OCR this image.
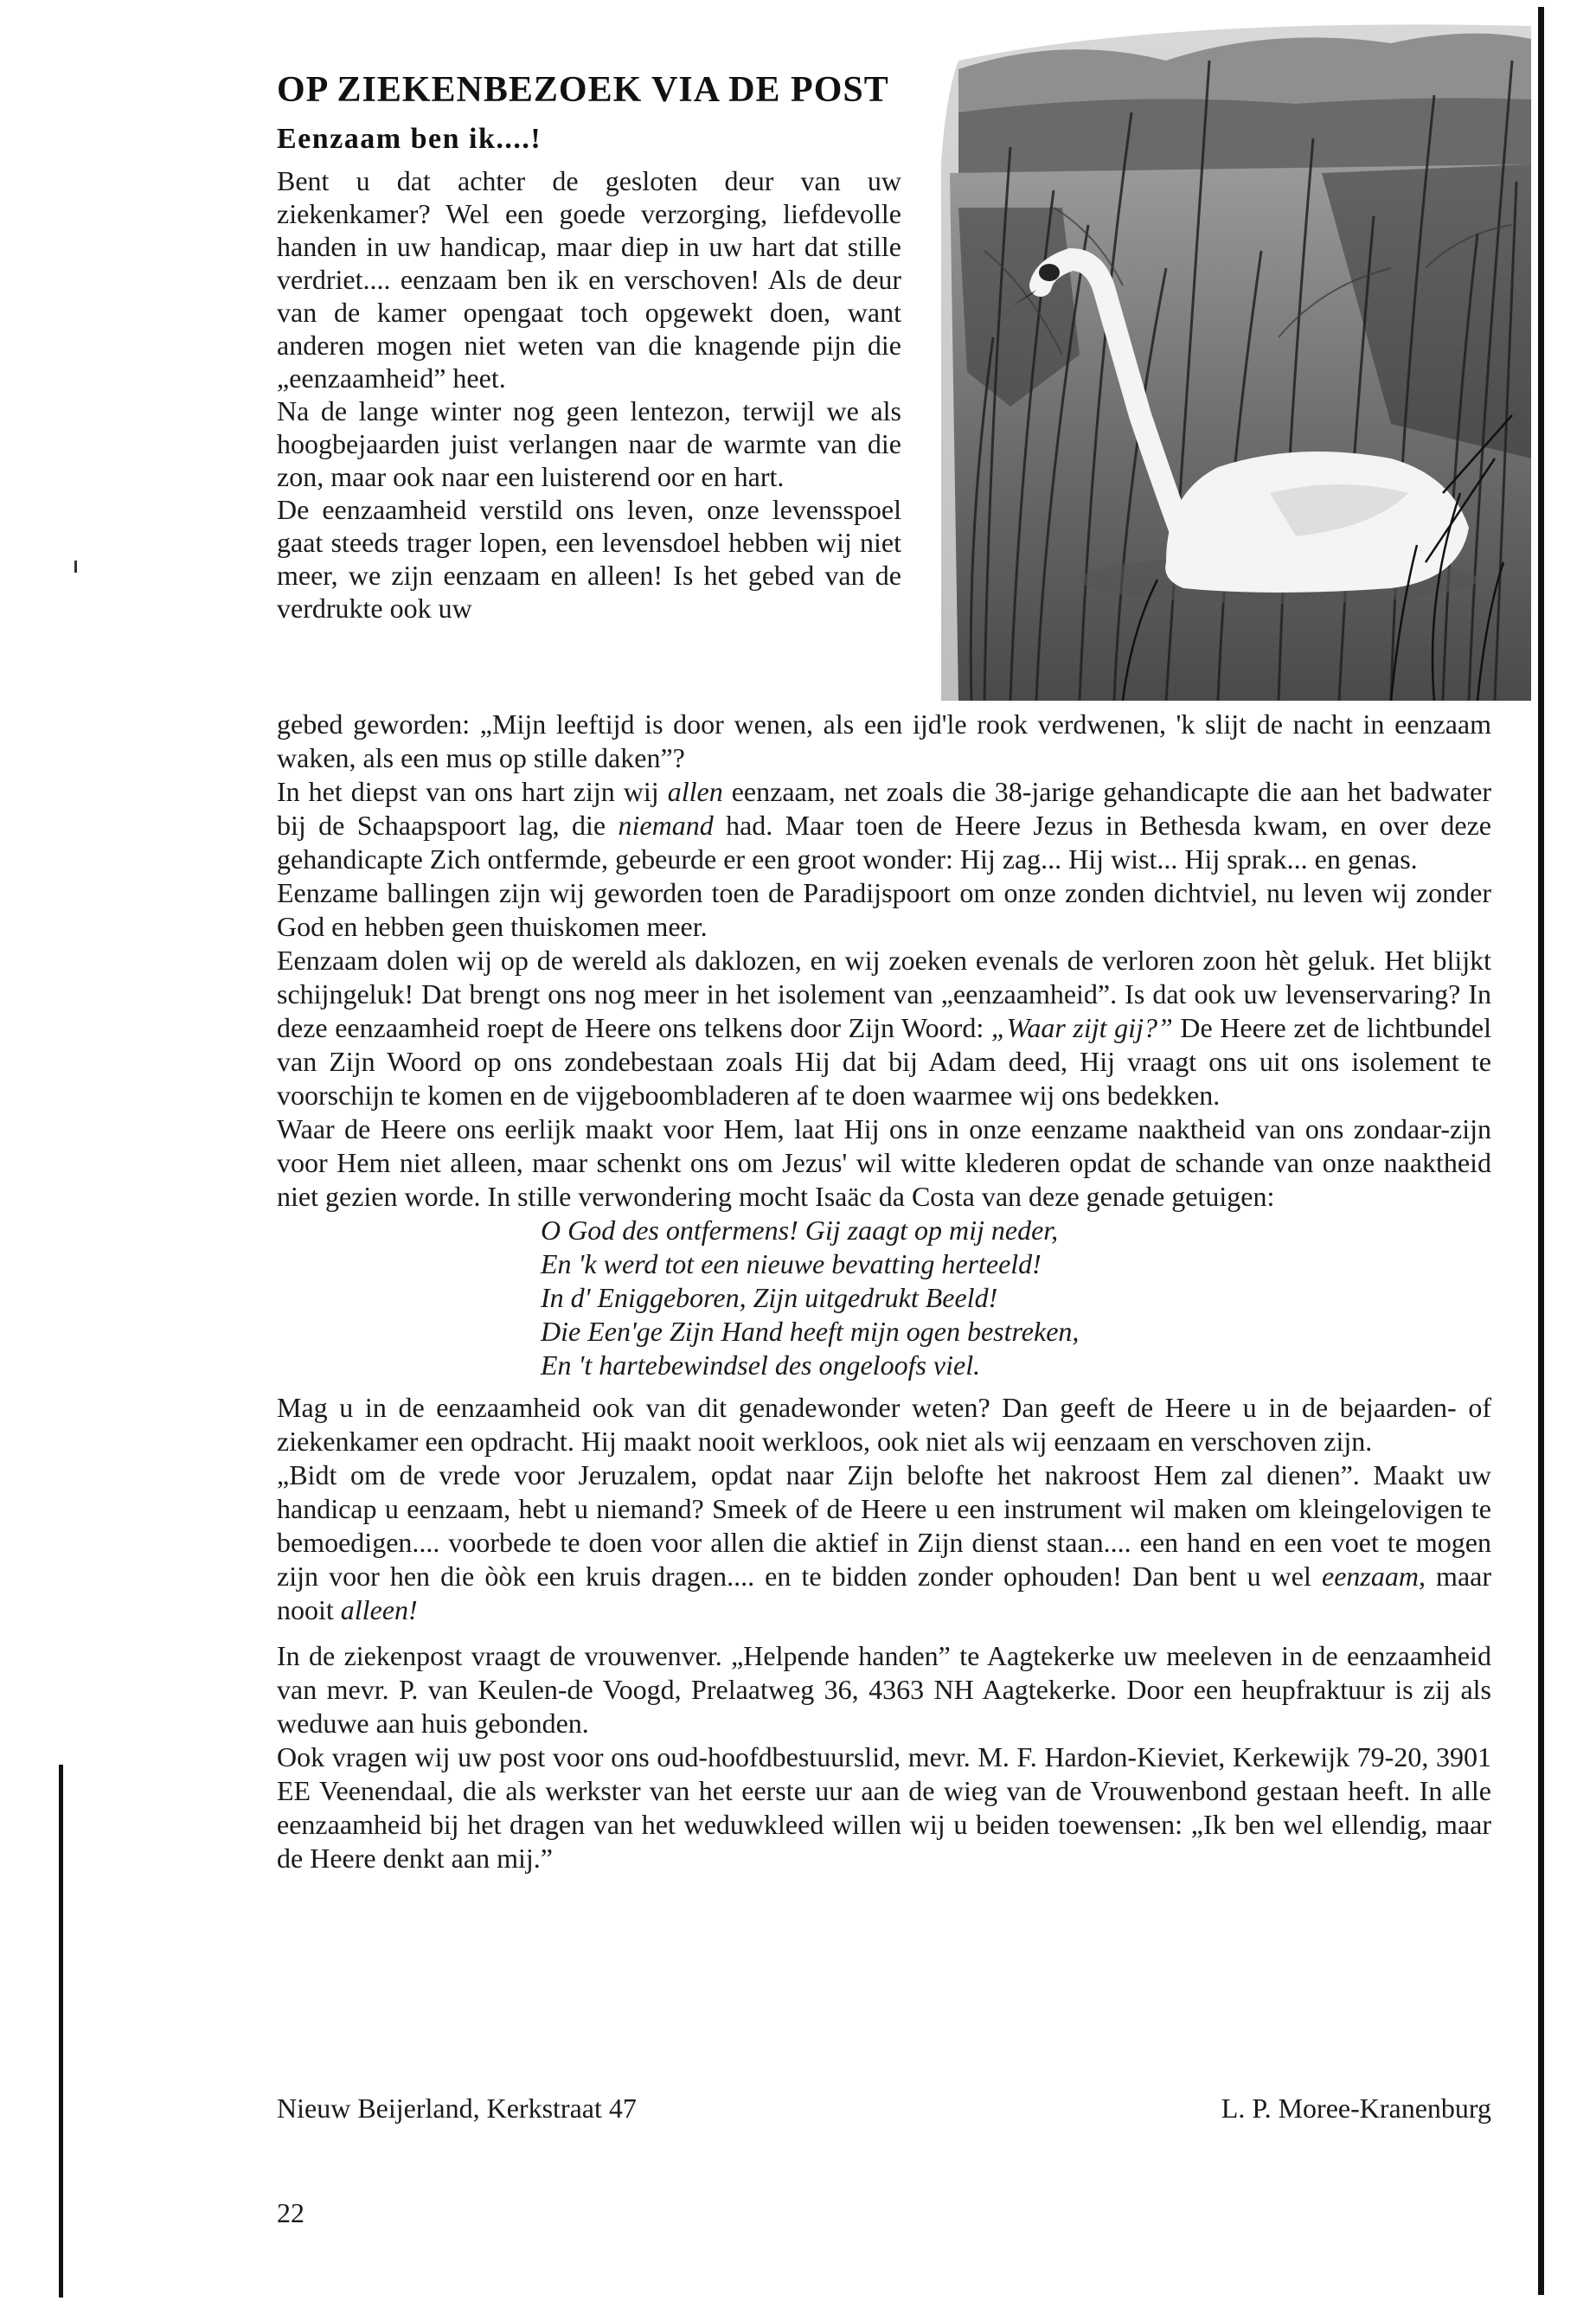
OP ZIEKENBEZOEK VIA DE POST
Eenzaam ben ik....!

Bent u dat achter de gesloten deur van uw ziekenkamer? Wel een goede verzorging, liefdevolle handen in uw handicap, maar diep in uw hart dat stille verdriet.... eenzaam ben ik en verschoven! Als de deur van de kamer opengaat toch opgewekt doen, want anderen mogen niet weten van die knagende pijn die „eenzaamheid” heet.

Na de lange winter nog geen lentezon, terwijl we als hoogbejaarden juist verlangen naar de warmte van die zon, maar ook naar een luisterend oor en hart.

De eenzaamheid verstild ons leven, onze levensspoel gaat steeds trager lopen, een levensdoel hebben wij niet meer, we zijn eenzaam en alleen! Is het gebed van de verdrukte ook uw

gebed geworden: „Mijn leeftijd is door wenen, als een ijd'le rook verdwenen, 'k slijt de nacht in eenzaam waken, als een mus op stille daken”?

In het diepst van ons hart zijn wij allen eenzaam, net zoals die 38-jarige gehandicapte die aan het badwater bij de Schaapspoort lag, die niemand had. Maar toen de Heere Jezus in Bethesda kwam, en over deze gehandicapte Zich ontfermde, gebeurde er een groot wonder: Hij zag... Hij wist... Hij sprak... en genas.

Eenzame ballingen zijn wij geworden toen de Paradijspoort om onze zonden dichtviel, nu leven wij zonder God en hebben geen thuiskomen meer.

Eenzaam dolen wij op de wereld als daklozen, en wij zoeken evenals de verloren zoon hèt geluk. Het blijkt schijngeluk! Dat brengt ons nog meer in het isolement van „eenzaamheid”. Is dat ook uw levenservaring? In deze eenzaamheid roept de Heere ons telkens door Zijn Woord: „Waar zijt gij?” De Heere zet de lichtbundel van Zijn Woord op ons zondebestaan zoals Hij dat bij Adam deed, Hij vraagt ons uit ons isolement te voorschijn te komen en de vijgeboombladeren af te doen waarmee wij ons bedekken.

Waar de Heere ons eerlijk maakt voor Hem, laat Hij ons in onze eenzame naaktheid van ons zondaar-zijn voor Hem niet alleen, maar schenkt ons om Jezus' wil witte klederen opdat de schande van onze naaktheid niet gezien worde. In stille verwondering mocht Isaäc da Costa van deze genade getuigen:

O God des ontfermens! Gij zaagt op mij neder,
En 'k werd tot een nieuwe bevatting herteeld!
In d' Eniggeboren, Zijn uitgedrukt Beeld!
Die Een'ge Zijn Hand heeft mijn ogen bestreken,
En 't hartebewindsel des ongeloofs viel.

Mag u in de eenzaamheid ook van dit genadewonder weten? Dan geeft de Heere u in de bejaarden- of ziekenkamer een opdracht. Hij maakt nooit werkloos, ook niet als wij eenzaam en verschoven zijn.

„Bidt om de vrede voor Jeruzalem, opdat naar Zijn belofte het nakroost Hem zal dienen”. Maakt uw handicap u eenzaam, hebt u niemand? Smeek of de Heere u een instrument wil maken om kleingelovigen te bemoedigen.... voorbede te doen voor allen die aktief in Zijn dienst staan.... een hand en een voet te mogen zijn voor hen die òòk een kruis dragen.... en te bidden zonder ophouden! Dan bent u wel eenzaam, maar nooit alleen!

In de ziekenpost vraagt de vrouwenver. „Helpende handen” te Aagtekerke uw meeleven in de eenzaamheid van mevr. P. van Keulen-de Voogd, Prelaatweg 36, 4363 NH Aagtekerke. Door een heupfraktuur is zij als weduwe aan huis gebonden.

Ook vragen wij uw post voor ons oud-hoofdbestuurslid, mevr. M. F. Hardon-Kieviet, Kerkewijk 79-20, 3901 EE Veenendaal, die als werkster van het eerste uur aan de wieg van de Vrouwenbond gestaan heeft. In alle eenzaamheid bij het dragen van het weduwkleed willen wij u beiden toewensen: „Ik ben wel ellendig, maar de Heere denkt aan mij.”

Nieuw Beijerland, Kerkstraat 47	L. P. Moree-Kranenburg
22
